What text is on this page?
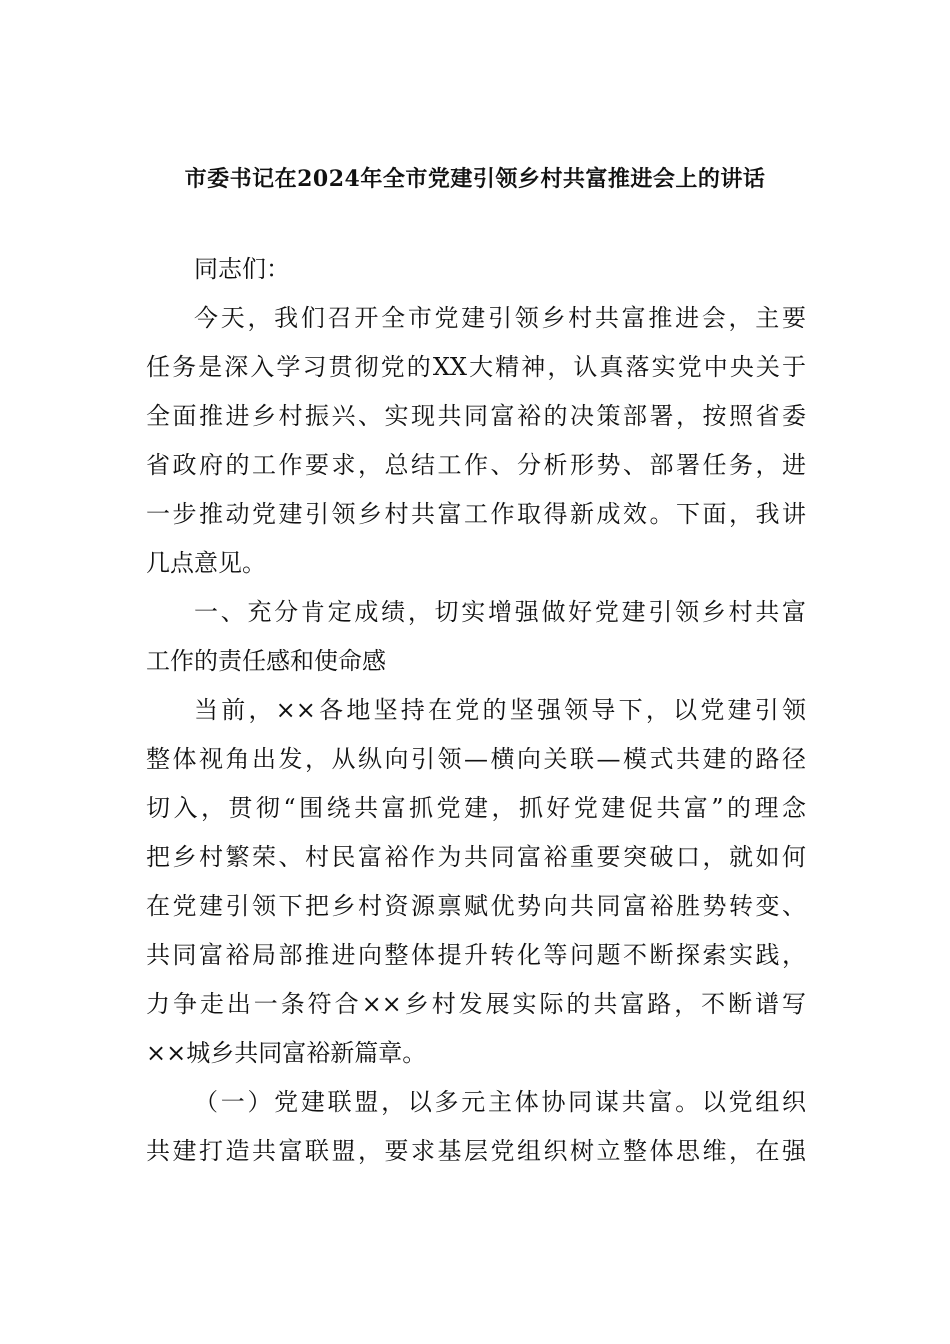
市委书记在2024年全市党建引领乡村共富推进会上的讲话
同志们：
今天，我们召开全市党建引领乡村共富推进会，主要
任务是深入学习贯彻党的XX大精神，认真落实党中央关于
全面推进乡村振兴、实现共同富裕的决策部署，按照省委
省政府的工作要求，总结工作、分析形势、部署任务，进
一步推动党建引领乡村共富工作取得新成效。下面，我讲
几点意见。
一、充分肯定成绩，切实增强做好党建引领乡村共富
工作的责任感和使命感
当前，××各地坚持在党的坚强领导下，以党建引领
整体视角出发，从纵向引领—横向关联—模式共建的路径
切入，贯彻“围绕共富抓党建，抓好党建促共富”的理念
把乡村繁荣、村民富裕作为共同富裕重要突破口，就如何
在党建引领下把乡村资源禀赋优势向共同富裕胜势转变、
共同富裕局部推进向整体提升转化等问题不断探索实践，
力争走出一条符合××乡村发展实际的共富路，不断谱写
××城乡共同富裕新篇章。
（一）党建联盟，以多元主体协同谋共富。以党组织
共建打造共富联盟，要求基层党组织树立整体思维，在强
